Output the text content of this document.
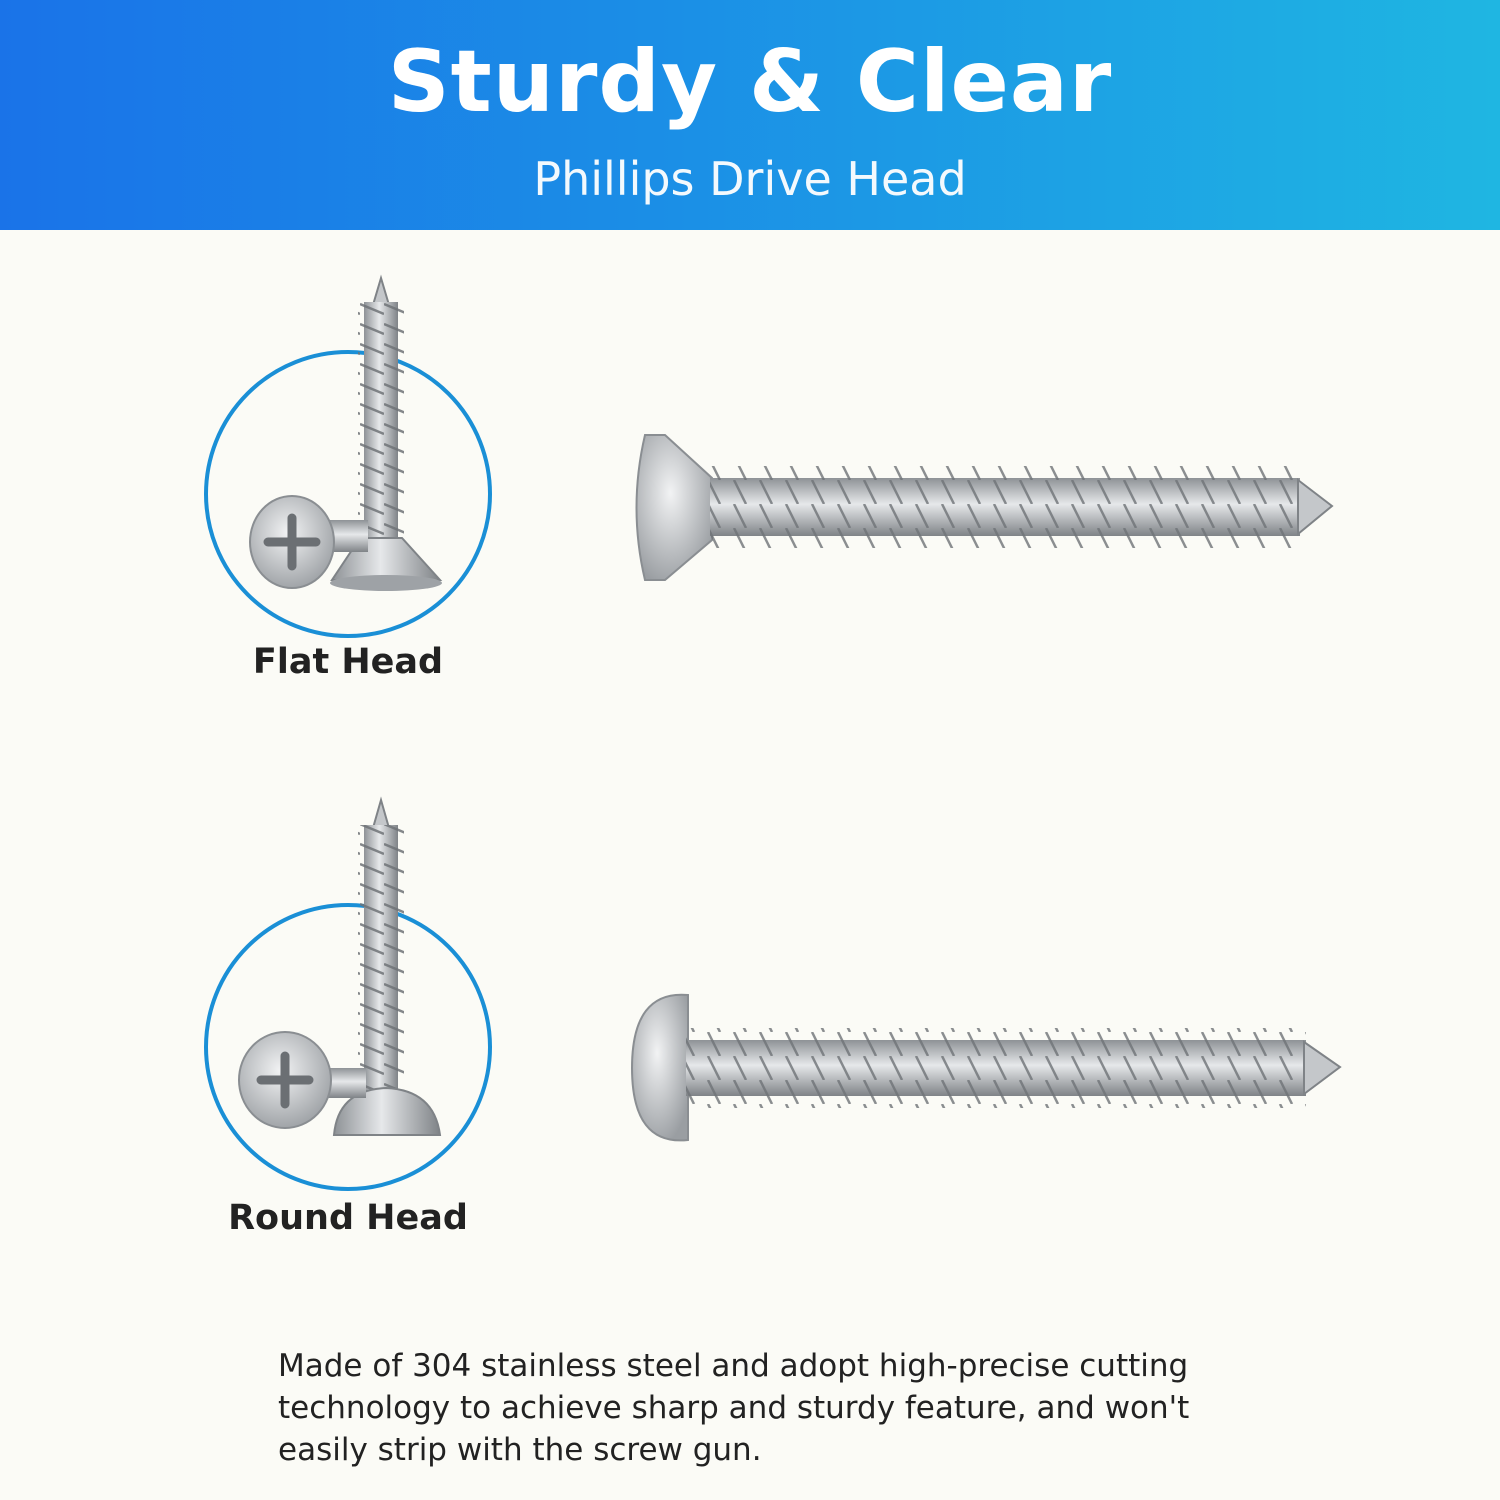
Sturdy & Clear
Phillips Drive Head
Flat Head
Round Head
Made of 304 stainless steel and adopt high-precise cutting technology to achieve sharp and sturdy feature, and won't easily strip with the screw gun.
